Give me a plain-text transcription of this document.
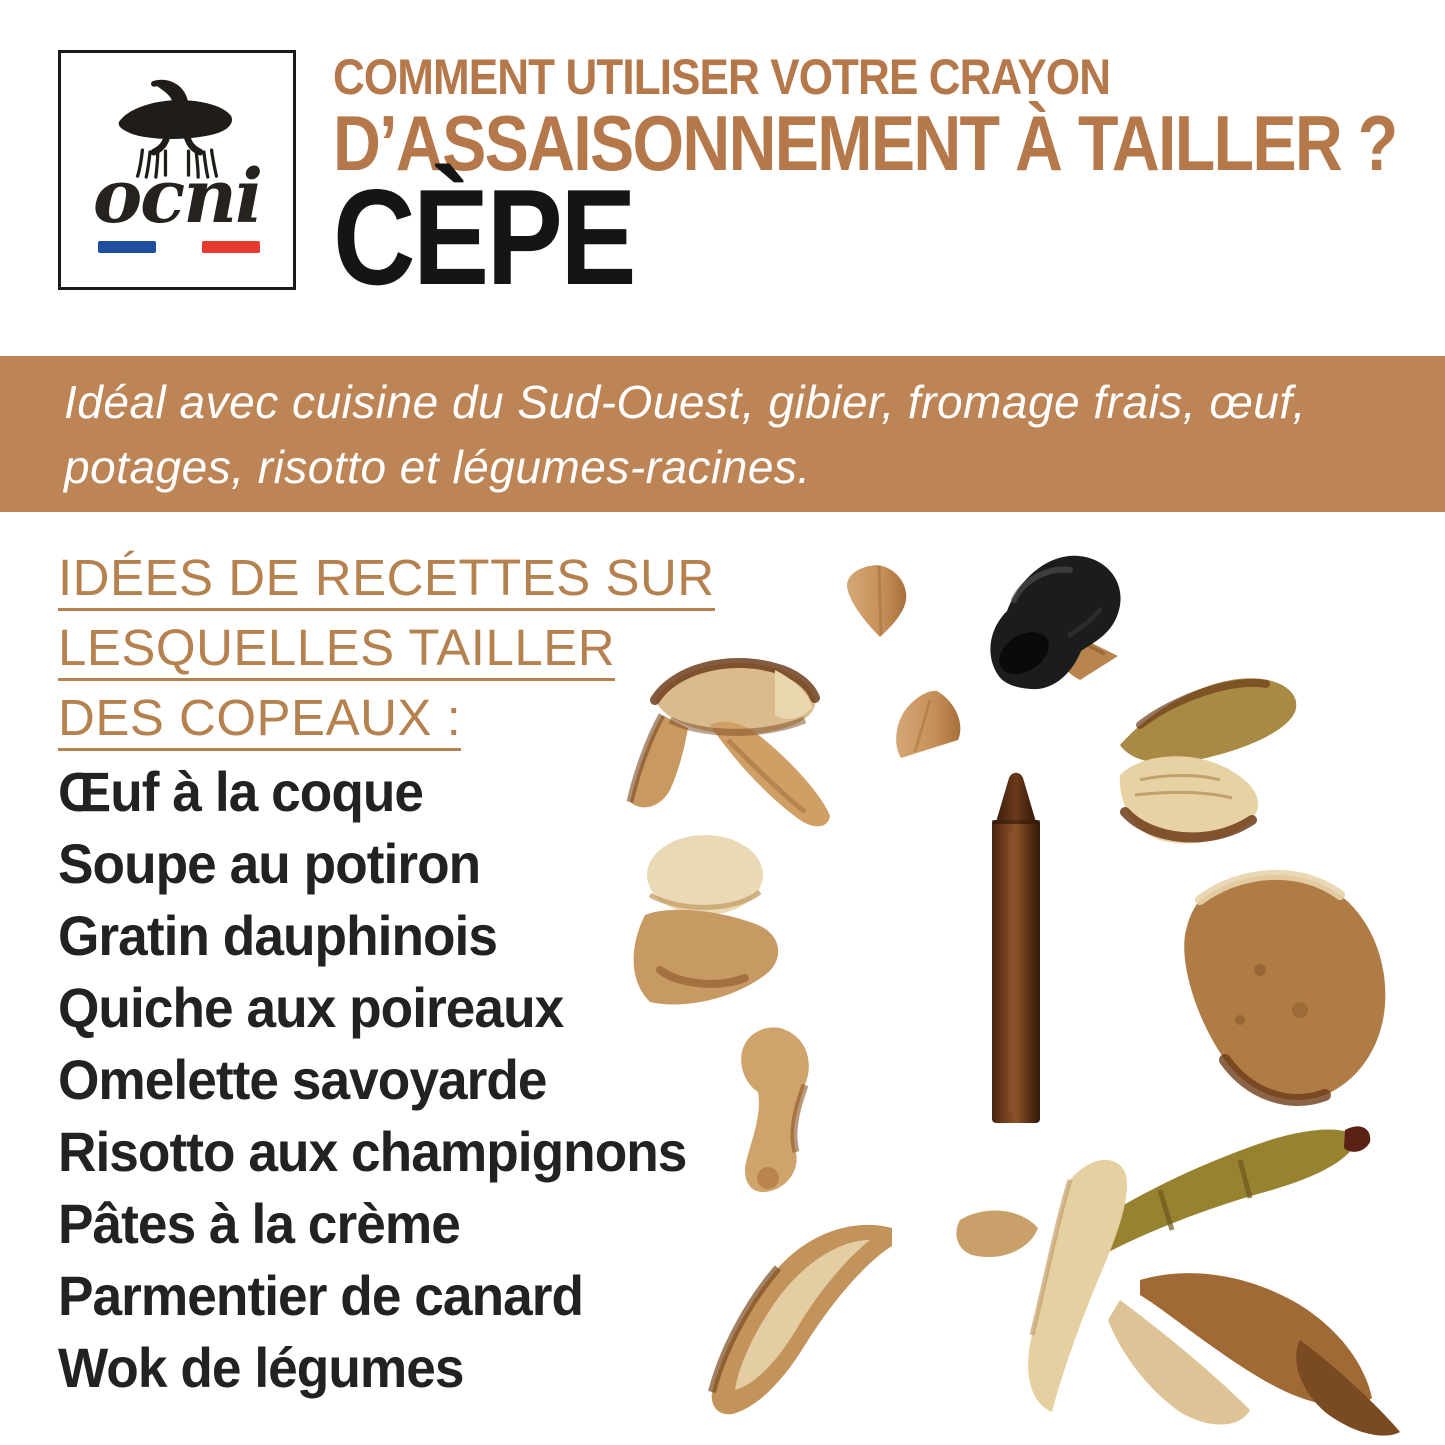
ocni
COMMENT UTILISER VOTRE CRAYON
D’ASSAISONNEMENT À TAILLER ?
CÈPE
Idéal avec cuisine du Sud-Ouest, gibier, fromage frais, œuf, potages, risotto et légumes-racines.
IDÉES DE RECETTES SUR
LESQUELLES TAILLER
DES COPEAUX :
Œuf à la coque
Soupe au potiron
Gratin dauphinois
Quiche aux poireaux
Omelette savoyarde
Risotto aux champignons
Pâtes à la crème
Parmentier de canard
Wok de légumes
